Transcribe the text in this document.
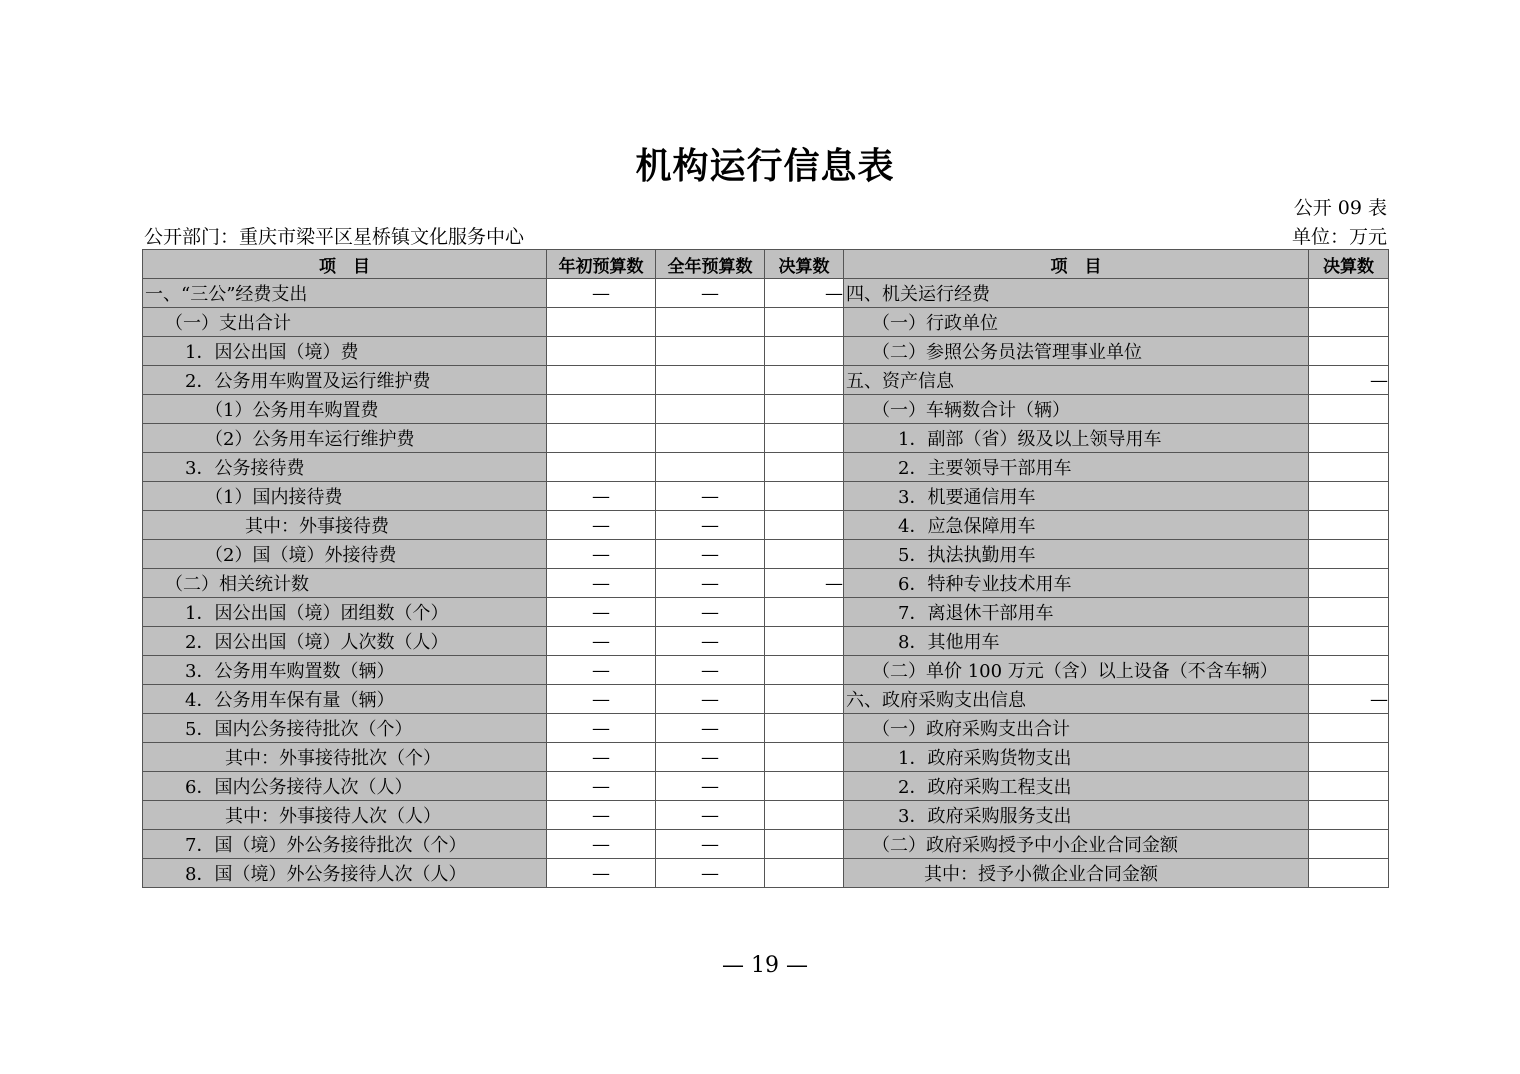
机构运行信息表
公开 09 表
公开部门：重庆市梁平区星桥镇文化服务中心	单位：万元
项　目	年初预算数	全年预算数	决算数	项　目	决算数
一、“三公”经费支出	—	—	—	四、机关运行经费	
（一）支出合计				（一）行政单位	
1．因公出国（境）费				（二）参照公务员法管理事业单位	
2．公务用车购置及运行维护费				五、资产信息	—
（1）公务用车购置费				（一）车辆数合计（辆）	
（2）公务用车运行维护费				1．副部（省）级及以上领导用车	
3．公务接待费				2．主要领导干部用车	
（1）国内接待费	—	—		3．机要通信用车	
其中：外事接待费	—	—		4．应急保障用车	
（2）国（境）外接待费	—	—		5．执法执勤用车	
（二）相关统计数	—	—	—	6．特种专业技术用车	
1．因公出国（境）团组数（个）	—	—		7．离退休干部用车	
2．因公出国（境）人次数（人）	—	—		8．其他用车	
3．公务用车购置数（辆）	—	—		（二）单价 100 万元（含）以上设备（不含车辆）	
4．公务用车保有量（辆）	—	—		六、政府采购支出信息	—
5．国内公务接待批次（个）	—	—		（一）政府采购支出合计	
其中：外事接待批次（个）	—	—		1．政府采购货物支出	
6．国内公务接待人次（人）	—	—		2．政府采购工程支出	
其中：外事接待人次（人）	—	—		3．政府采购服务支出	
7．国（境）外公务接待批次（个）	—	—		（二）政府采购授予中小企业合同金额	
8．国（境）外公务接待人次（人）	—	—		其中：授予小微企业合同金额	
— 19 —
